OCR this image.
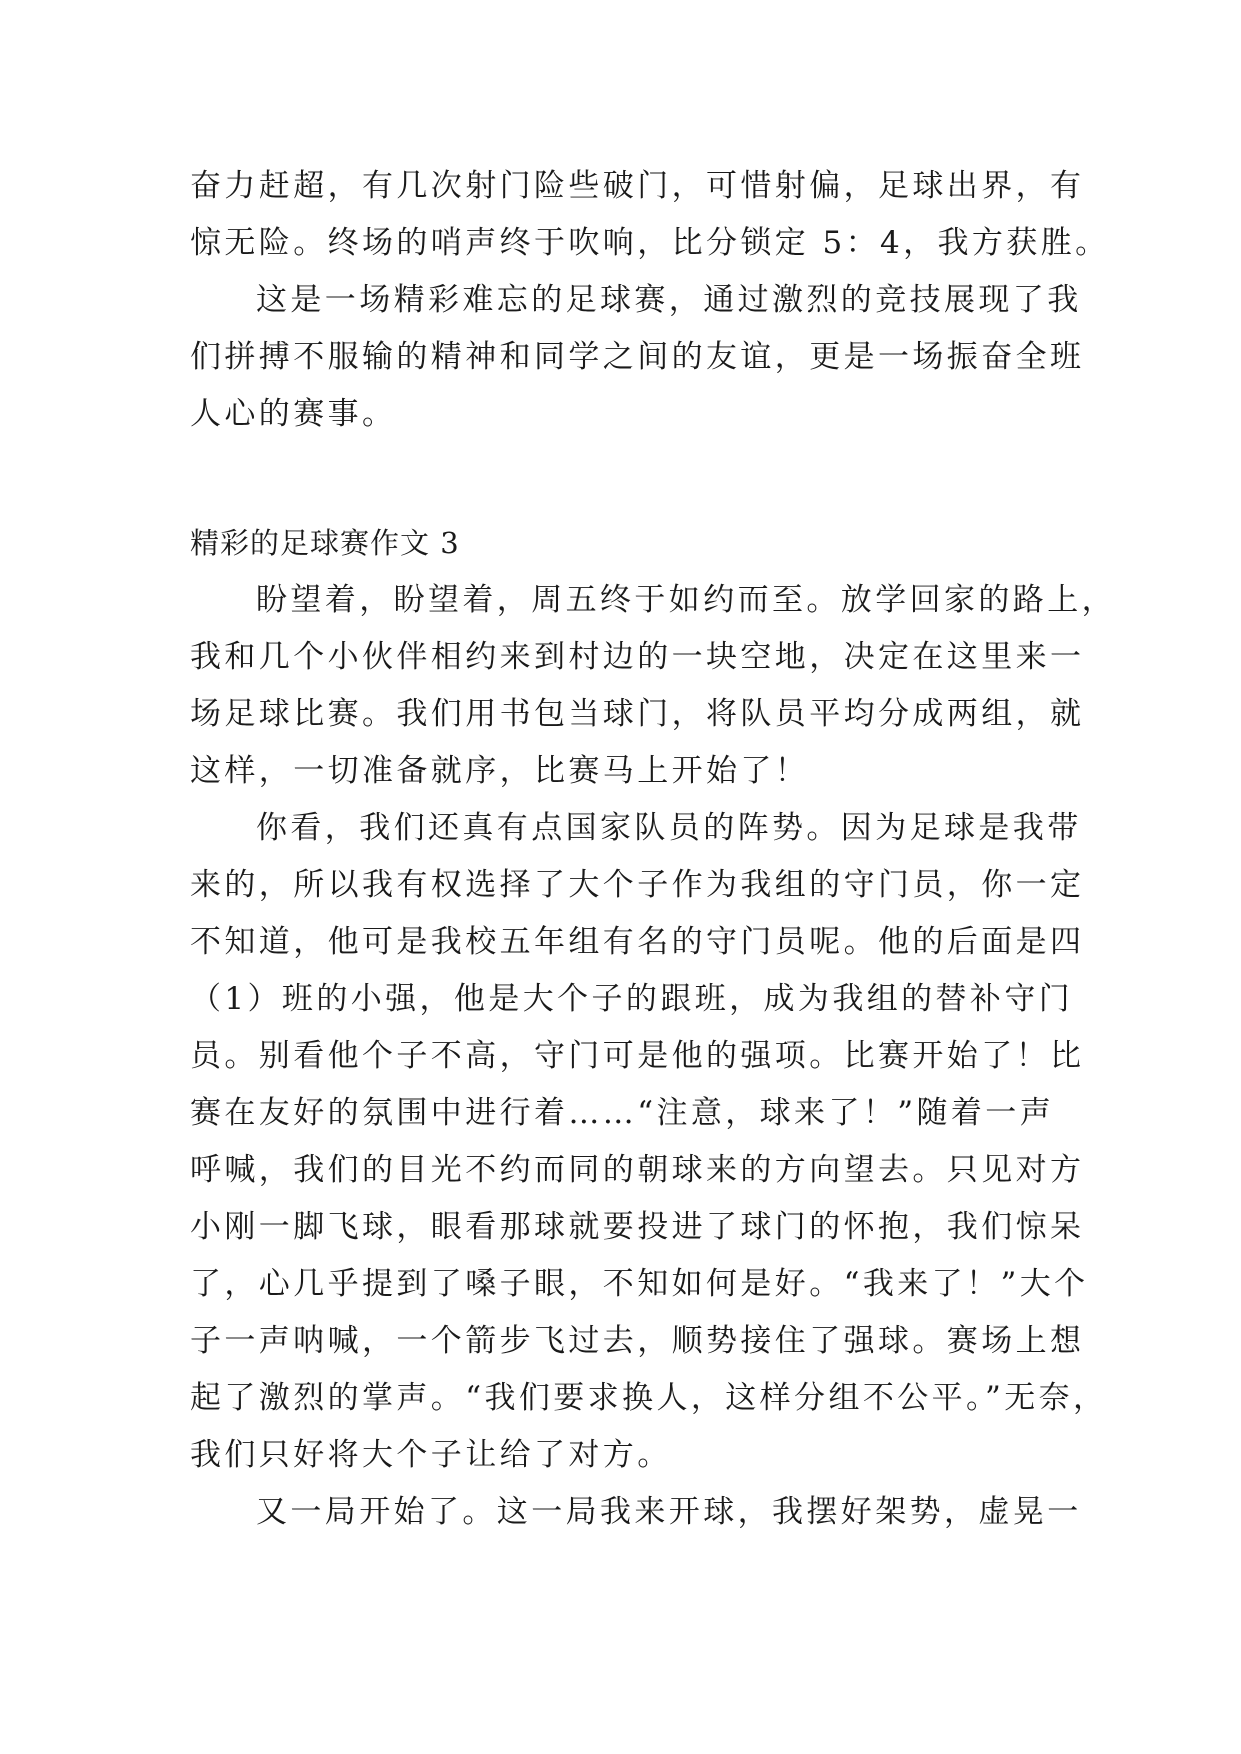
奋力赶超，有几次射门险些破门，可惜射偏，足球出界，有
惊无险。终场的哨声终于吹响，比分锁定 5：4，我方获胜。
这是一场精彩难忘的足球赛，通过激烈的竞技展现了我
们拼搏不服输的精神和同学之间的友谊，更是一场振奋全班
人心的赛事。
精彩的足球赛作文 3
盼望着，盼望着，周五终于如约而至。放学回家的路上，
我和几个小伙伴相约来到村边的一块空地，决定在这里来一
场足球比赛。我们用书包当球门，将队员平均分成两组，就
这样，一切准备就序，比赛马上开始了！
你看，我们还真有点国家队员的阵势。因为足球是我带
来的，所以我有权选择了大个子作为我组的守门员，你一定
不知道，他可是我校五年组有名的守门员呢。他的后面是四
（1）班的小强，他是大个子的跟班，成为我组的替补守门
员。别看他个子不高，守门可是他的强项。比赛开始了！比
赛在友好的氛围中进行着……“注意，球来了！”随着一声
呼喊，我们的目光不约而同的朝球来的方向望去。只见对方
小刚一脚飞球，眼看那球就要投进了球门的怀抱，我们惊呆
了，心几乎提到了嗓子眼，不知如何是好。“我来了！”大个
子一声呐喊，一个箭步飞过去，顺势接住了强球。赛场上想
起了激烈的掌声。“我们要求换人，这样分组不公平。”无奈，
我们只好将大个子让给了对方。
又一局开始了。这一局我来开球，我摆好架势，虚晃一
